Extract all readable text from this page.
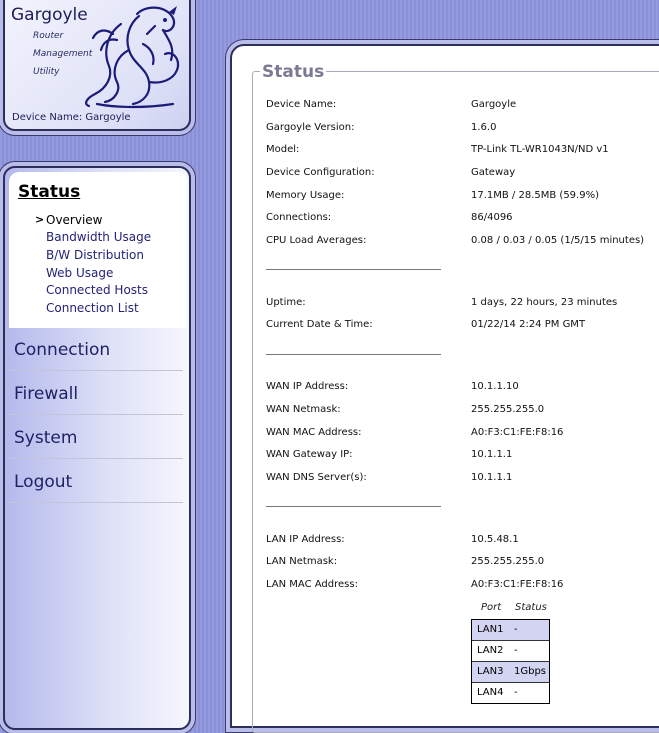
Gargoyle
Router
Management
Utility
Device Name: Gargoyle
Status
> Overview
Bandwidth Usage
B/W Distribution
Web Usage
Connected Hosts
Connection List
Connection
Firewall
System
Logout
Status
Device Name:	Gargoyle
Gargoyle Version:	1.6.0
Model:	TP-Link TL-WR1043N/ND v1
Device Configuration:	Gateway
Memory Usage:	17.1MB / 28.5MB (59.9%)
Connections:	86/4096
CPU Load Averages:	0.08 / 0.03 / 0.05 (1/5/15 minutes)
Uptime:	1 days, 22 hours, 23 minutes
Current Date & Time:	01/22/14 2:24 PM GMT
WAN IP Address:	10.1.1.10
WAN Netmask:	255.255.255.0
WAN MAC Address:	A0:F3:C1:FE:F8:16
WAN Gateway IP:	10.1.1.1
WAN DNS Server(s):	10.1.1.1
LAN IP Address:	10.5.48.1
LAN Netmask:	255.255.255.0
LAN MAC Address:	A0:F3:C1:FE:F8:16
Port Status
LAN1 -
LAN2 -
LAN3 1Gbps
LAN4 -
